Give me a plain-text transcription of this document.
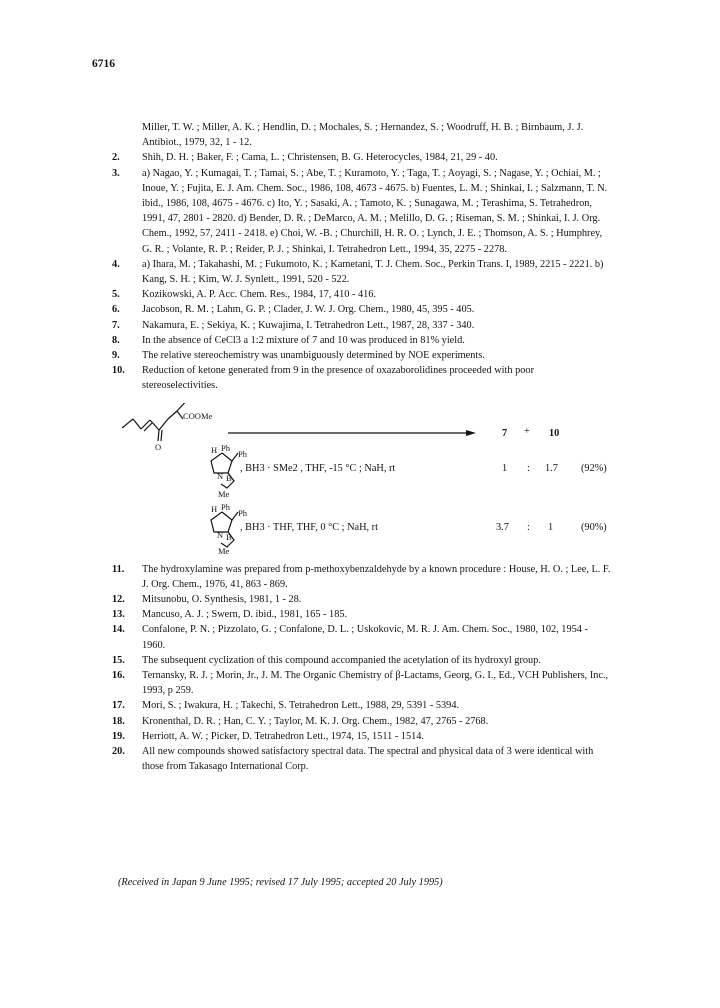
6716
Miller, T. W. ; Miller, A. K. ; Hendlin, D. ; Mochales, S. ; Hernandez, S. ; Woodruff, H. B. ; Birnbaum, J. J. Antibiot., 1979, 32, 1 - 12.
2. Shih, D. H. ; Baker, F. ; Cama, L. ; Christensen, B. G. Heterocycles, 1984, 21, 29 - 40.
3. a) Nagao, Y. ; Kumagai, T. ; Tamai, S. ; Abe, T. ; Kuramoto, Y. ; Taga, T. ; Aoyagi, S. ; Nagase, Y. ; Ochiai, M. ; Inoue, Y. ; Fujita, E. J. Am. Chem. Soc., 1986, 108, 4673 - 4675. b) Fuentes, L. M. ; Shinkai, I. ; Salzmann, T. N. ibid., 1986, 108, 4675 - 4676. c) Ito, Y. ; Sasaki, A. ; Tamoto, K. ; Sunagawa, M. ; Terashima, S. Tetrahedron, 1991, 47, 2801 - 2820. d) Bender, D. R. ; DeMarco, A. M. ; Melillo, D. G. ; Riseman, S. M. ; Shinkai, I. J. Org. Chem., 1992, 57, 2411 - 2418. e) Choi, W. -B. ; Churchill, H. R. O. ; Lynch, J. E. ; Thomson, A. S. ; Humphrey, G. R. ; Volante, R. P. ; Reider, P. J. ; Shinkai, I. Tetrahedron Lett., 1994, 35, 2275 - 2278.
4. a) Ihara, M. ; Takahashi, M. ; Fukumoto, K. ; Kametani, T. J. Chem. Soc., Perkin Trans. I, 1989, 2215 - 2221. b) Kang, S. H. ; Kim, W. J. Synlett., 1991, 520 - 522.
5. Kozikowski, A. P. Acc. Chem. Res., 1984, 17, 410 - 416.
6. Jacobson, R. M. ; Lahm, G. P. ; Clader, J. W. J. Org. Chem., 1980, 45, 395 - 405.
7. Nakamura, E. ; Sekiya, K. ; Kuwajima, I. Tetrahedron Lett., 1987, 28, 337 - 340.
8. In the absence of CeCl3 a 1:2 mixture of 7 and 10 was produced in 81% yield.
9. The relative stereochemistry was unambiguously determined by NOE experiments.
10. Reduction of ketone generated from 9 in the presence of oxazaborolidines proceeded with poor stereoselectivities.
COOMe
O
7 + 10
H Ph
Ph
N B
Me
, BH3 · SMe2 , THF, -15 °C ; NaH, rt	1 : 1.7 (92%)
H Ph
Ph
N B
Me
, BH3 · THF, THF, 0 °C ; NaH, rt	3.7 : 1	(90%)
11. The hydroxylamine was prepared from p-methoxybenzaldehyde by a known procedure : House, H. O. ; Lee, L. F. J. Org. Chem., 1976, 41, 863 - 869.
12. Mitsunobu, O. Synthesis, 1981, 1 - 28.
13. Mancuso, A. J. ; Swern, D. ibid., 1981, 165 - 185.
14. Confalone, P. N. ; Pizzolato, G. ; Confalone, D. L. ; Uskokovic, M. R. J. Am. Chem. Soc., 1980, 102, 1954 - 1960.
15. The subsequent cyclization of this compound accompanied the acetylation of its hydroxyl group.
16. Ternansky, R. J. ; Morin, Jr., J. M. The Organic Chemistry of β-Lactams, Georg, G. I., Ed., VCH Publishers, Inc., 1993, p 259.
17. Mori, S. ; Iwakura, H. ; Takechi, S. Tetrahedron Lett., 1988, 29, 5391 - 5394.
18. Kronenthal, D. R. ; Han, C. Y. ; Taylor, M. K. J. Org. Chem., 1982, 47, 2765 - 2768.
19. Herriott, A. W. ; Picker, D. Tetrahedron Lett., 1974, 15, 1511 - 1514.
20. All new compounds showed satisfactory spectral data. The spectral and physical data of 3 were identical with those from Takasago International Corp.
(Received in Japan 9 June 1995; revised 17 July 1995; accepted 20 July 1995)
